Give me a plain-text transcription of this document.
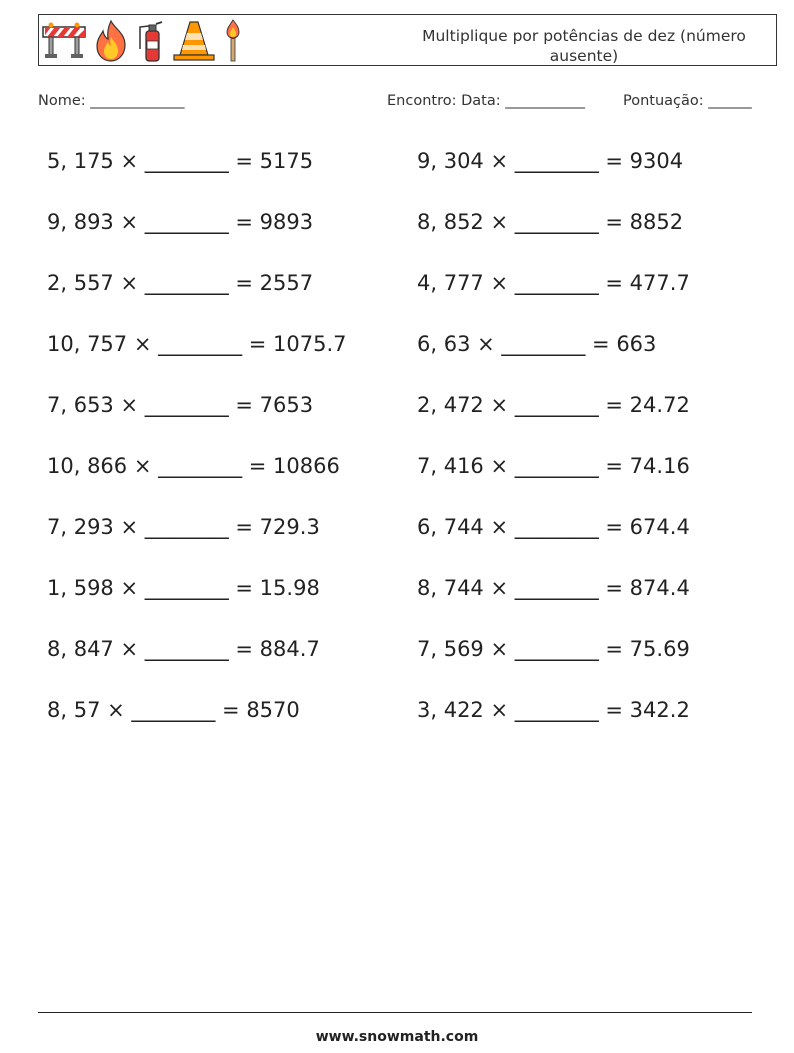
Multiplique por potências de dez (número ausente)
Nome: _____________	Encontro: Data: ___________	Pontuação: ______
5, 175 × ________ = 5175
9, 893 × ________ = 9893
2, 557 × ________ = 2557
10, 757 × ________ = 1075.7
7, 653 × ________ = 7653
10, 866 × ________ = 10866
7, 293 × ________ = 729.3
1, 598 × ________ = 15.98
8, 847 × ________ = 884.7
8, 57 × ________ = 8570
9, 304 × ________ = 9304
8, 852 × ________ = 8852
4, 777 × ________ = 477.7
6, 63 × ________ = 663
2, 472 × ________ = 24.72
7, 416 × ________ = 74.16
6, 744 × ________ = 674.4
8, 744 × ________ = 874.4
7, 569 × ________ = 75.69
3, 422 × ________ = 342.2
www.snowmath.com
